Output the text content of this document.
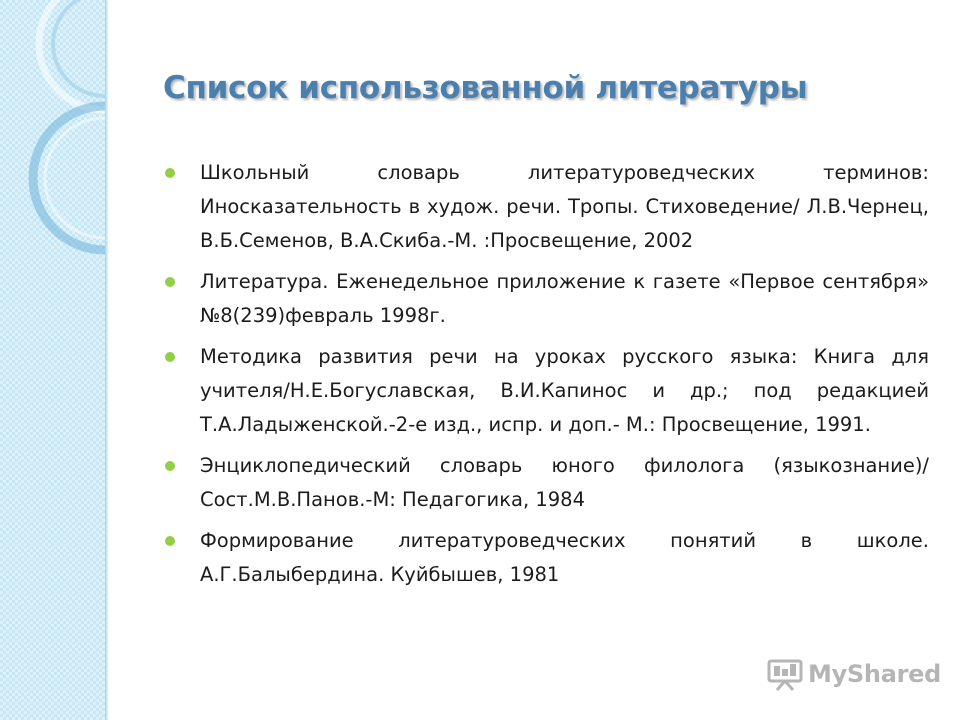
Список использованной литературы
Школьный словарь литературоведческих терминов: Иносказательность в худож. речи. Тропы. Стиховедение/ Л.В.Чернец, В.Б.Семенов, В.А.Скиба.-М. :Просвещение, 2002
Литература. Еженедельное приложение к газете «Первое сентября» №8(239)февраль 1998г.
Методика развития речи на уроках русского языка: Книга для учителя/Н.Е.Богуславская, В.И.Капинос и др.; под редакцией Т.А.Ладыженской.-2-е изд., испр. и доп.- М.: Просвещение, 1991.
Энциклопедический словарь юного филолога (языкознание)/Сост.М.В.Панов.-М: Педагогика, 1984
Формирование литературоведческих понятий в школе. А.Г.Балыбердина. Куйбышев, 1981
MyShared
